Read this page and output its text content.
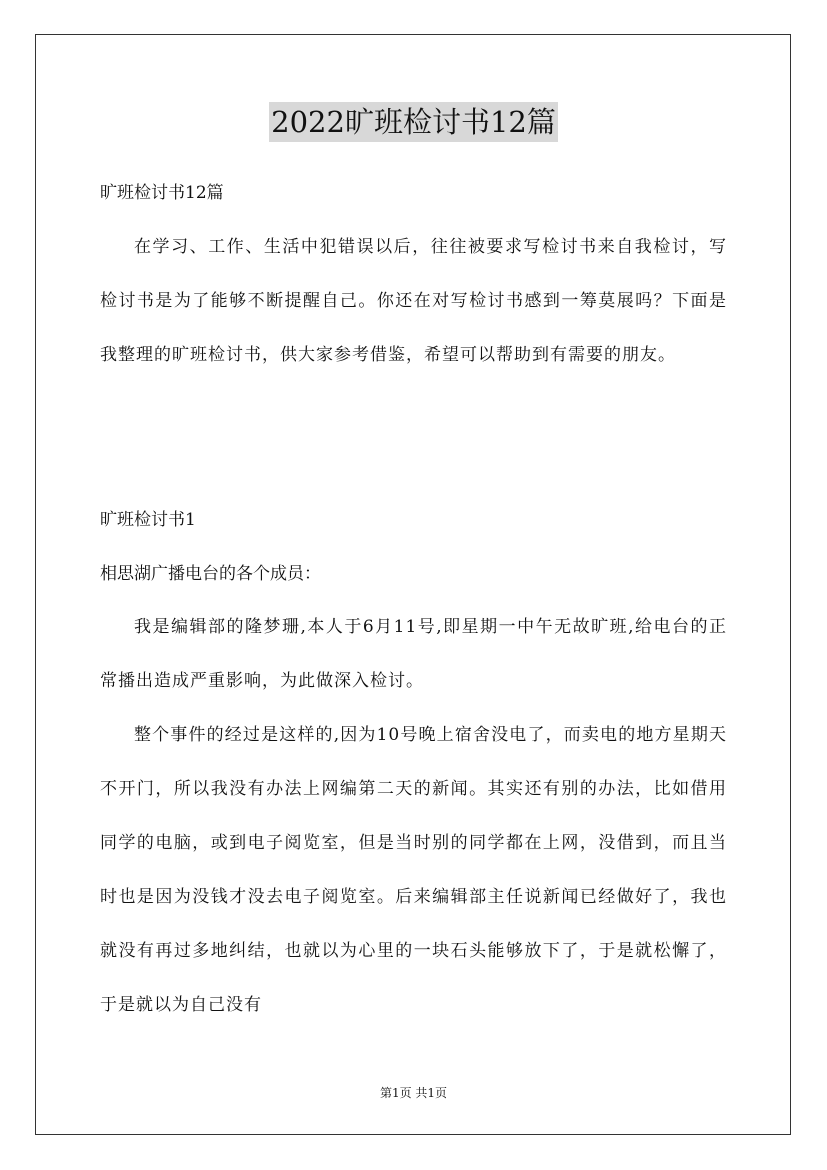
2022旷班检讨书12篇

旷班检讨书12篇

在学习、工作、生活中犯错误以后，往往被要求写检讨书来自我检讨，写检讨书是为了能够不断提醒自己。你还在对写检讨书感到一筹莫展吗？下面是我整理的旷班检讨书，供大家参考借鉴，希望可以帮助到有需要的朋友。

旷班检讨书1

相思湖广播电台的各个成员：

我是编辑部的隆梦珊,本人于6月11号,即星期一中午无故旷班,给电台的正常播出造成严重影响，为此做深入检讨。

整个事件的经过是这样的,因为10号晚上宿舍没电了，而卖电的地方星期天不开门，所以我没有办法上网编第二天的新闻。其实还有别的办法，比如借用同学的电脑，或到电子阅览室，但是当时别的同学都在上网，没借到，而且当时也是因为没钱才没去电子阅览室。后来编辑部主任说新闻已经做好了，我也就没有再过多地纠结，也就以为心里的一块石头能够放下了，于是就松懈了，于是就以为自己没有

第1页 共1页
